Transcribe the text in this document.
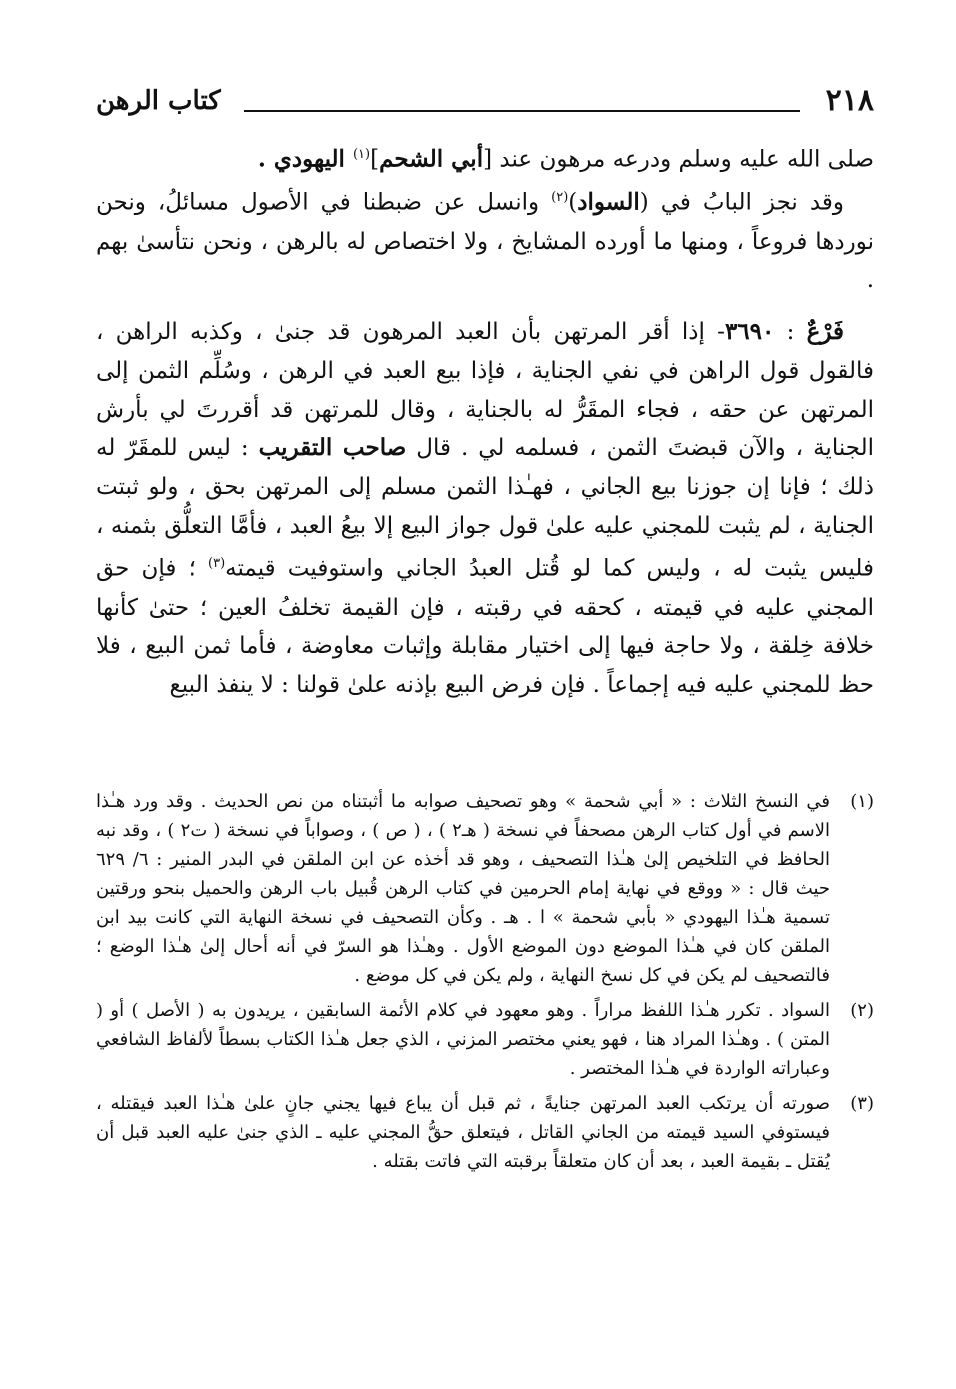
٢١٨
كتاب الرهن

صلى الله عليه وسلم ودرعه مرهون عند [أبي الشحم]$^{(١)}$ اليهودي .

وقد نجز البابُ في (السواد)$^{(٢)}$ وانسل عن ضبطنا في الأصول مسائلُ، ونحن نوردها فروعاً ، ومنها ما أورده المشايخ ، ولا اختصاص له بالرهن ، ونحن نتأسىٰ بهم .

فَرْعٌ : ٣٦٩٠- إذا أقر المرتهن بأن العبد المرهون قد جنىٰ ، وكذبه الراهن ، فالقول قول الراهن في نفي الجناية ، فإذا بيع العبد في الرهن ، وسُلِّم الثمن إلى المرتهن عن حقه ، فجاء المقَرُّ له بالجناية ، وقال للمرتهن قد أقررتَ لي بأرش الجناية ، والآن قبضتَ الثمن ، فسلمه لي . قال صاحب التقريب : ليس للمقَرّ له ذلك ؛ فإنا إن جوزنا بيع الجاني ، فهـٰذا الثمن مسلم إلى المرتهن بحق ، ولو ثبتت الجناية ، لم يثبت للمجني عليه علىٰ قول جواز البيع إلا بيعُ العبد ، فأمَّا التعلُّق بثمنه ، فليس يثبت له ، وليس كما لو قُتل العبدُ الجاني واستوفيت قيمته$^{(٣)}$ ؛ فإن حق المجني عليه في قيمته ، كحقه في رقبته ، فإن القيمة تخلفُ العين ؛ حتىٰ كأنها خلافة خِلقة ، ولا حاجة فيها إلى اختيار مقابلة وإثبات معاوضة ، فأما ثمن البيع ، فلا حظ للمجني عليه فيه إجماعاً . فإن فرض البيع بإذنه علىٰ قولنا : لا ينفذ البيع

(١)
في النسخ الثلاث : « أبي شحمة » وهو تصحيف صوابه ما أثبتناه من نص الحديث . وقد ورد هـٰذا الاسم في أول كتاب الرهن مصحفاً في نسخة ( هـ٢ ) ، ( ص ) ، وصواباً في نسخة ( ت٢ ) ، وقد نبه الحافظ في التلخيص إلىٰ هـٰذا التصحيف ، وهو قد أخذه عن ابن الملقن في البدر المنير : ٦/ ٦٢٩ حيث قال : « ووقع في نهاية إمام الحرمين في كتاب الرهن قُبيل باب الرهن والحميل بنحو ورقتين تسمية هـٰذا اليهودي « بأبي شحمة » ا . هـ . وكأن التصحيف في نسخة النهاية التي كانت بيد ابن الملقن كان في هـٰذا الموضع دون الموضع الأول . وهـٰذا هو السرّ في أنه أحال إلىٰ هـٰذا الوضع ؛ فالتصحيف لم يكن في كل نسخ النهاية ، ولم يكن في كل موضع .
(٢)
السواد . تكرر هـٰذا اللفظ مراراً . وهو معهود في كلام الأئمة السابقين ، يريدون به ( الأصل ) أو ( المتن ) . وهـٰذا المراد هنا ، فهو يعني مختصر المزني ، الذي جعل هـٰذا الكتاب بسطاً لألفاظ الشافعي وعباراته الواردة في هـٰذا المختصر .
(٣)
صورته أن يرتكب العبد المرتهن جنايةً ، ثم قبل أن يباع فيها يجني جانٍ علىٰ هـٰذا العبد فيقتله ، فيستوفي السيد قيمته من الجاني القاتل ، فيتعلق حقُّ المجني عليه ـ الذي جنىٰ عليه العبد قبل أن يُقتل ـ بقيمة العبد ، بعد أن كان متعلقاً برقبته التي فاتت بقتله .
